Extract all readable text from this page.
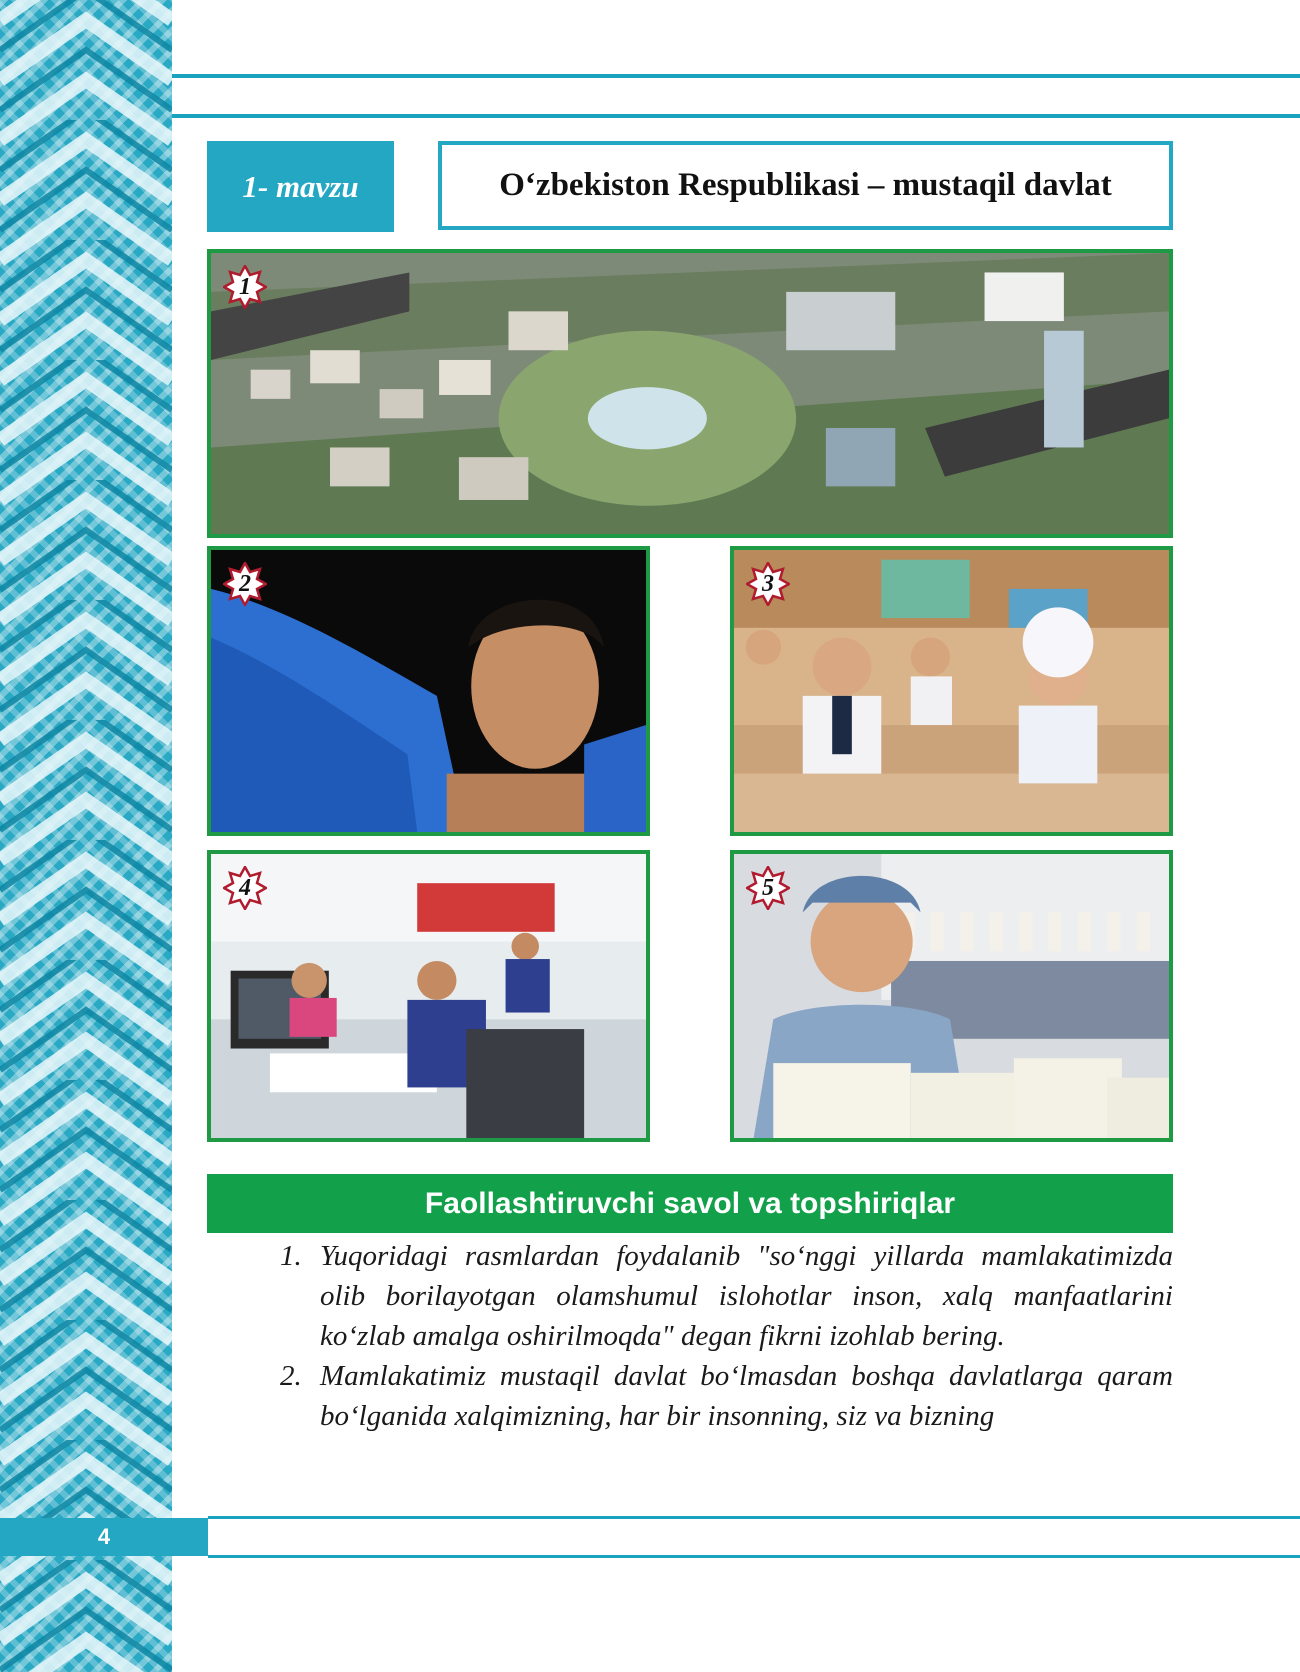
1- mavzu	O‘zbekiston Respublikasi – mustaqil davlat
1
2	3
4	5
Faollashtiruvchi savol va topshiriqlar
1. Yuqoridagi rasmlardan foydalanib "so‘nggi yillarda mamlakatimizda olib borilayotgan olamshumul islohotlar inson, xalq manfaatlarini ko‘zlab amalga oshirilmoqda" degan fikrni izohlab bering.
2. Mamlakatimiz mustaqil davlat bo‘lmasdan boshqa davlatlarga qaram bo‘lganida xalqimizning, har bir insonning, siz va bizning
4
